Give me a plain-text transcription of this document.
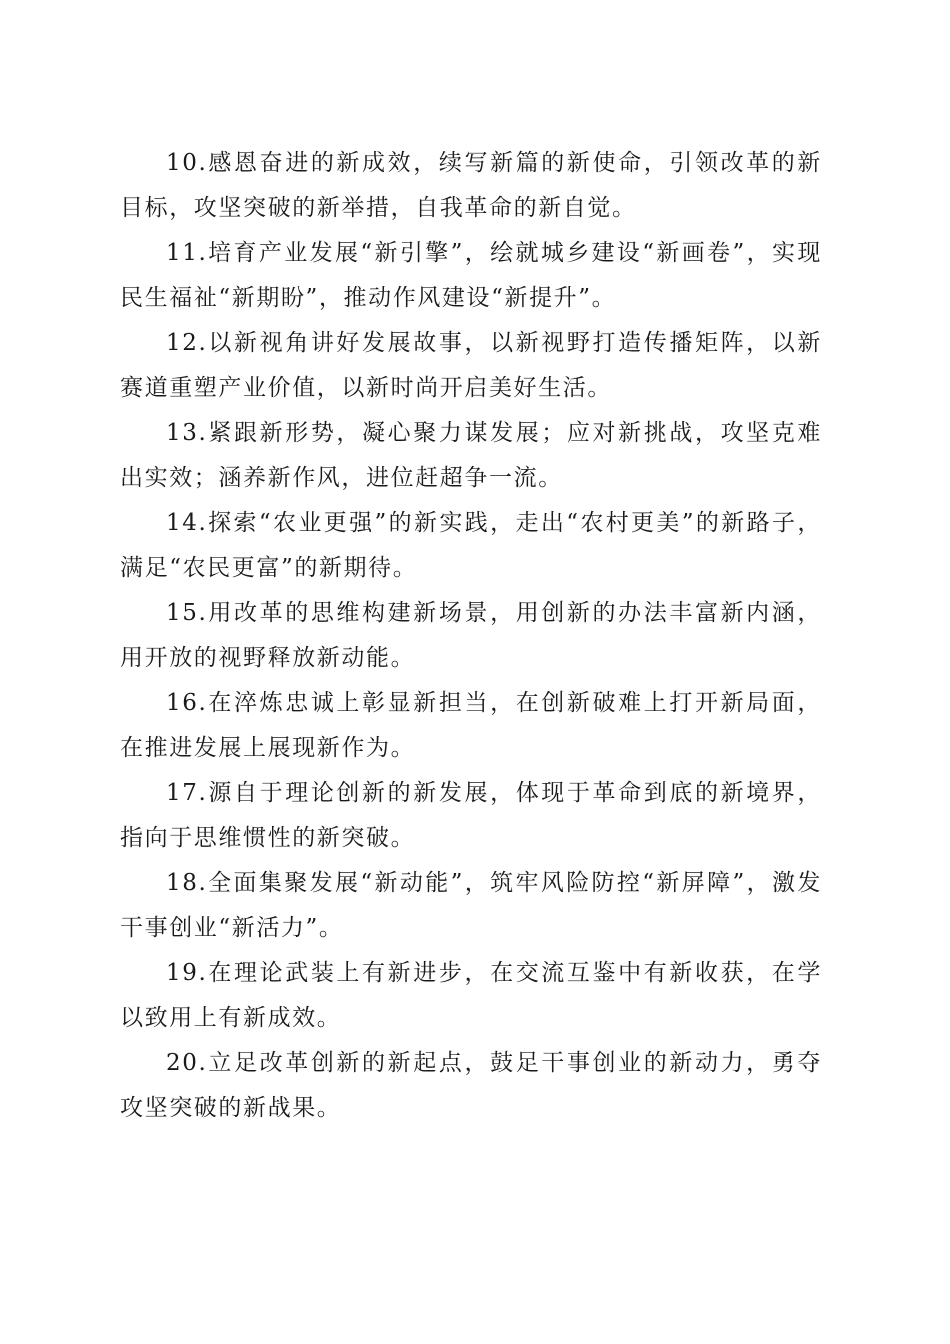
10.感恩奋进的新成效，续写新篇的新使命，引领改革的新目标，攻坚突破的新举措，自我革命的新自觉。

11.培育产业发展“新引擎”，绘就城乡建设“新画卷”，实现民生福祉“新期盼”，推动作风建设“新提升”。

12.以新视角讲好发展故事，以新视野打造传播矩阵，以新赛道重塑产业价值，以新时尚开启美好生活。

13.紧跟新形势，凝心聚力谋发展；应对新挑战，攻坚克难出实效；涵养新作风，进位赶超争一流。

14.探索“农业更强”的新实践，走出“农村更美”的新路子，满足“农民更富”的新期待。

15.用改革的思维构建新场景，用创新的办法丰富新内涵，用开放的视野释放新动能。

16.在淬炼忠诚上彰显新担当，在创新破难上打开新局面，在推进发展上展现新作为。

17.源自于理论创新的新发展，体现于革命到底的新境界，指向于思维惯性的新突破。

18.全面集聚发展“新动能”，筑牢风险防控“新屏障”，激发干事创业“新活力”。

19.在理论武装上有新进步，在交流互鉴中有新收获，在学以致用上有新成效。

20.立足改革创新的新起点，鼓足干事创业的新动力，勇夺攻坚突破的新战果。
